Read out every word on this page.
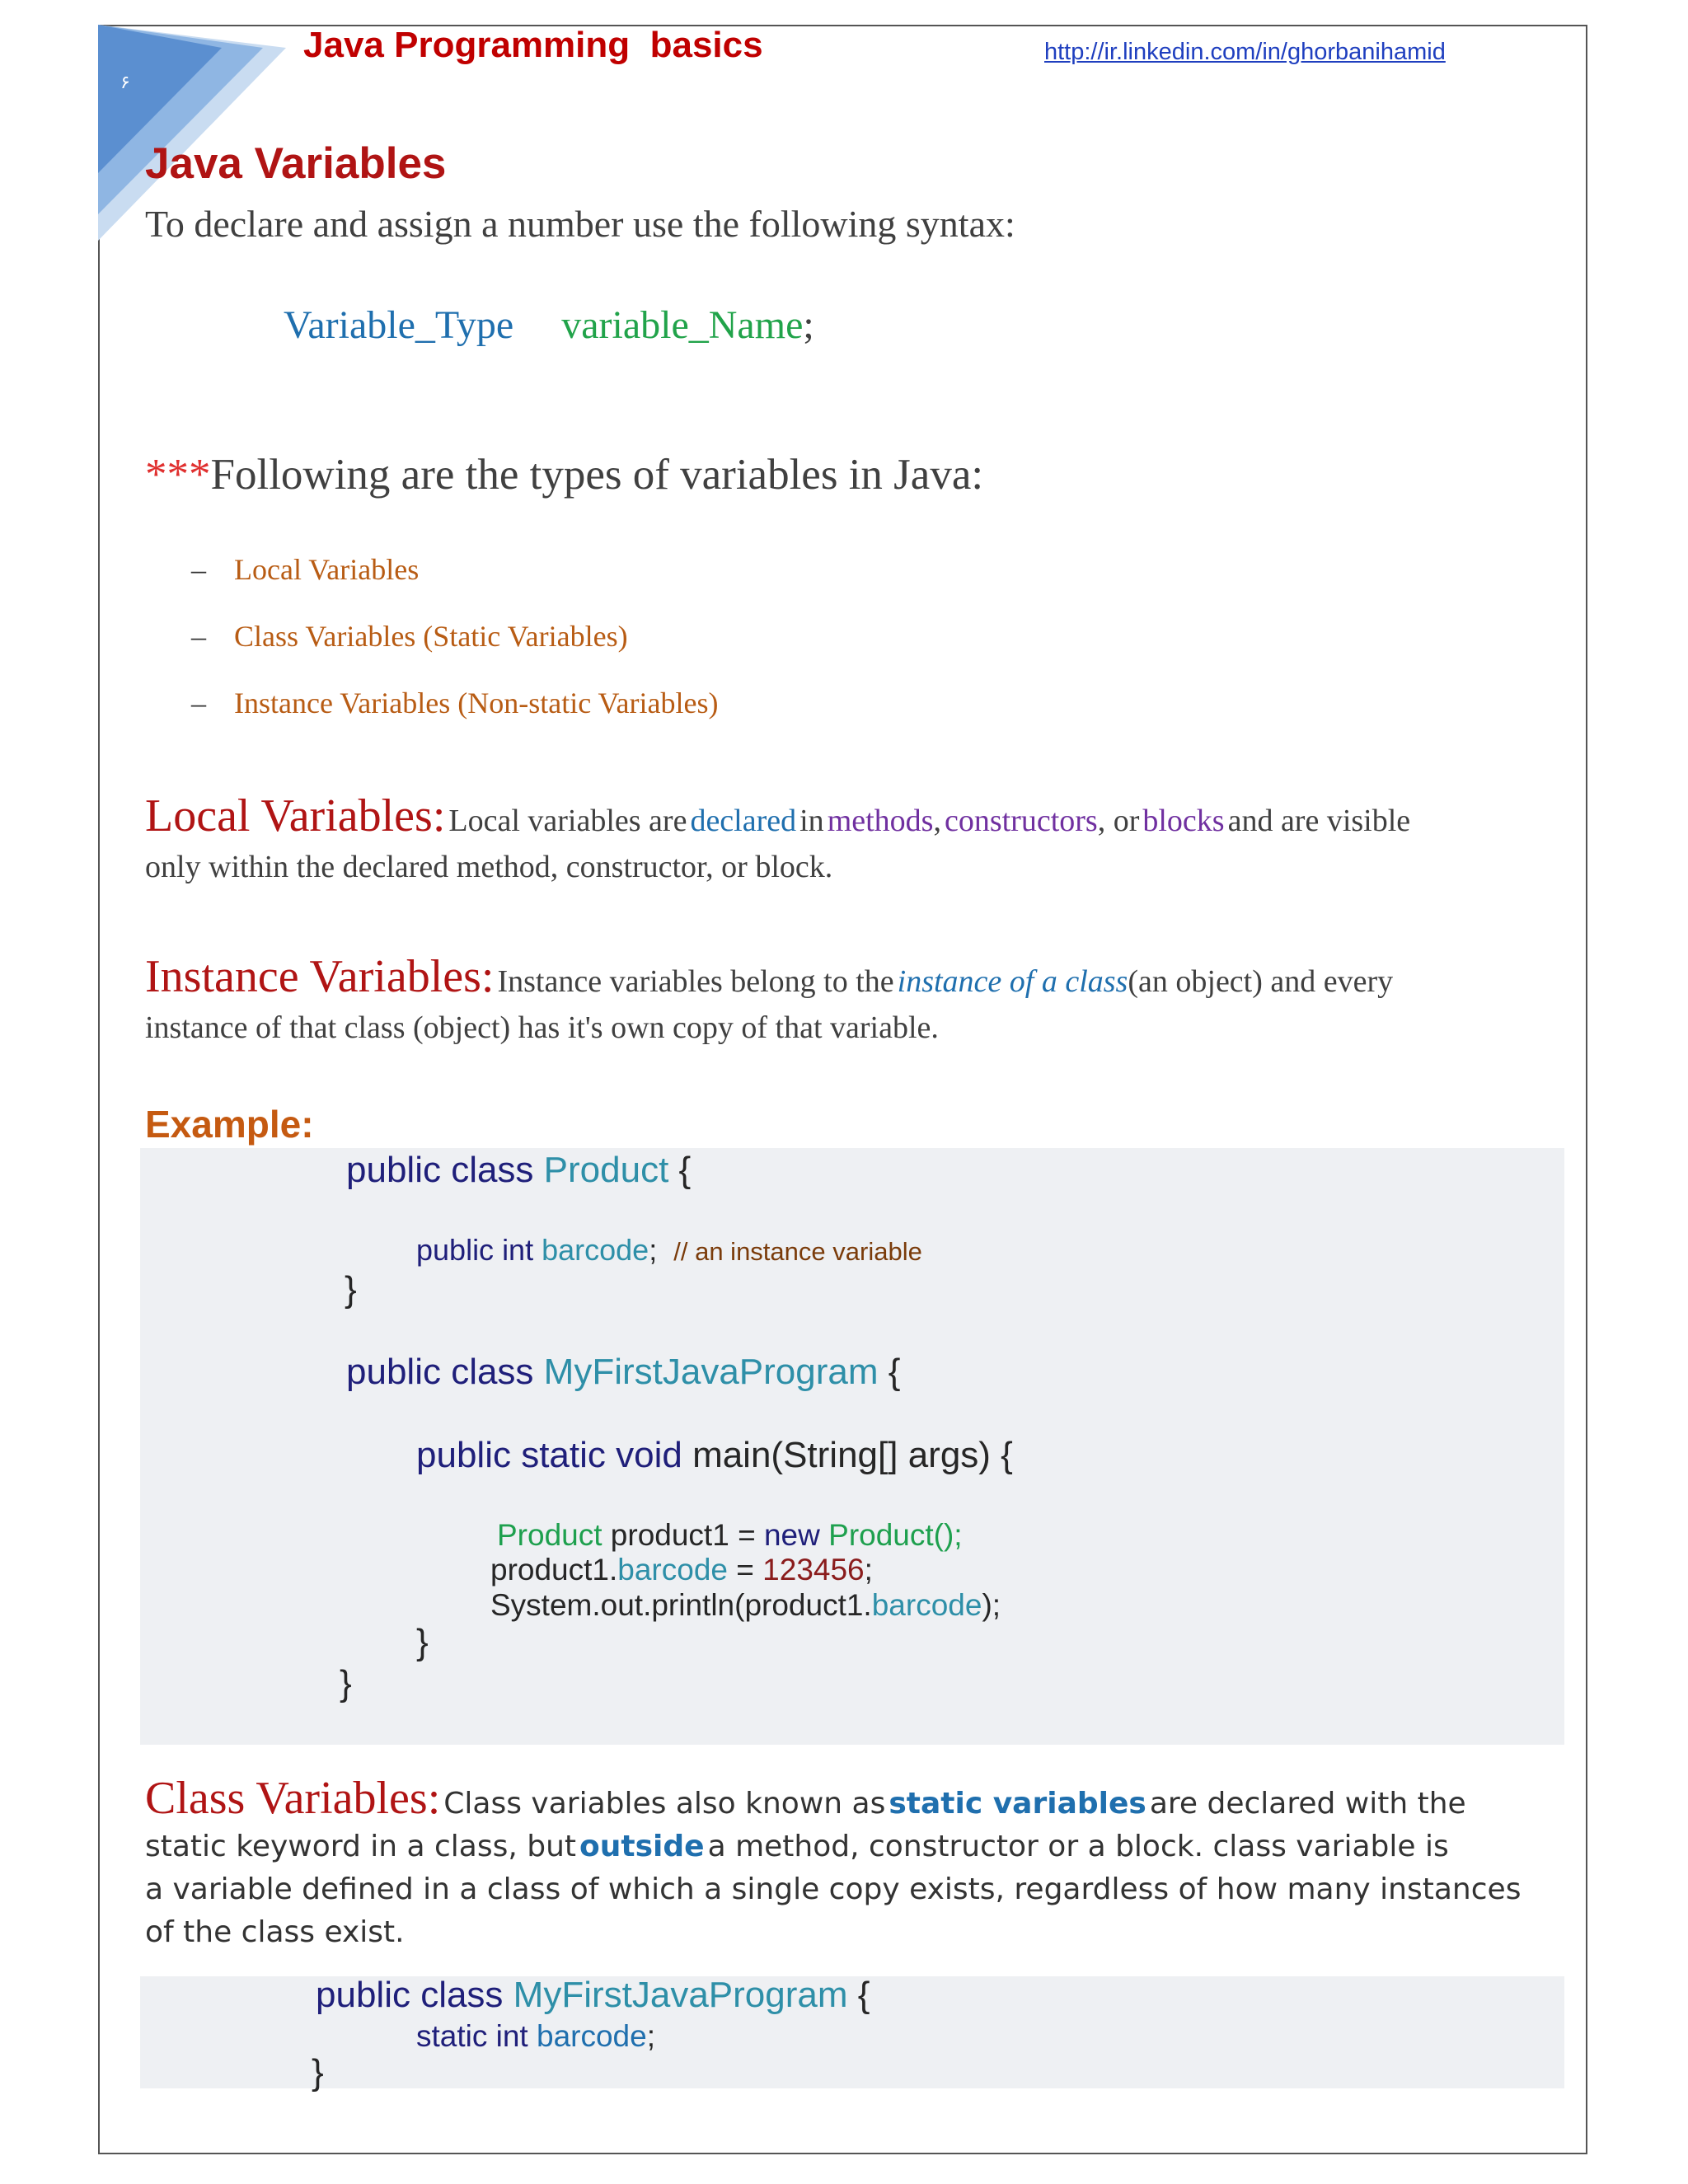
۶
Java Programming  basics	http://ir.linkedin.com/in/ghorbanihamid
Java Variables
To declare and assign a number use the following syntax:
Variable_Type variable_Name;
***Following are the types of variables in Java:
– Local Variables
– Class Variables (Static Variables)
– Instance Variables (Non-static Variables)
Local Variables: Local variables are declared in methods, constructors, or blocks and are visible
only within the declared method, constructor, or block.
Instance Variables: Instance variables belong to the instance of a class(an object) and every
instance of that class (object) has it's own copy of that variable.
Example:
public class Product {
public int barcode; // an instance variable
}
public class MyFirstJavaProgram {
public static void main(String[] args) {
Product product1 = new Product();
product1.barcode = 123456;
System.out.println(product1.barcode);
}
}
Class Variables: Class variables also known as static variables are declared with the
static keyword in a class, but outside a method, constructor or a block. class variable is
a variable defined in a class of which a single copy exists, regardless of how many instances
of the class exist.
public class MyFirstJavaProgram {
static int barcode;
}
